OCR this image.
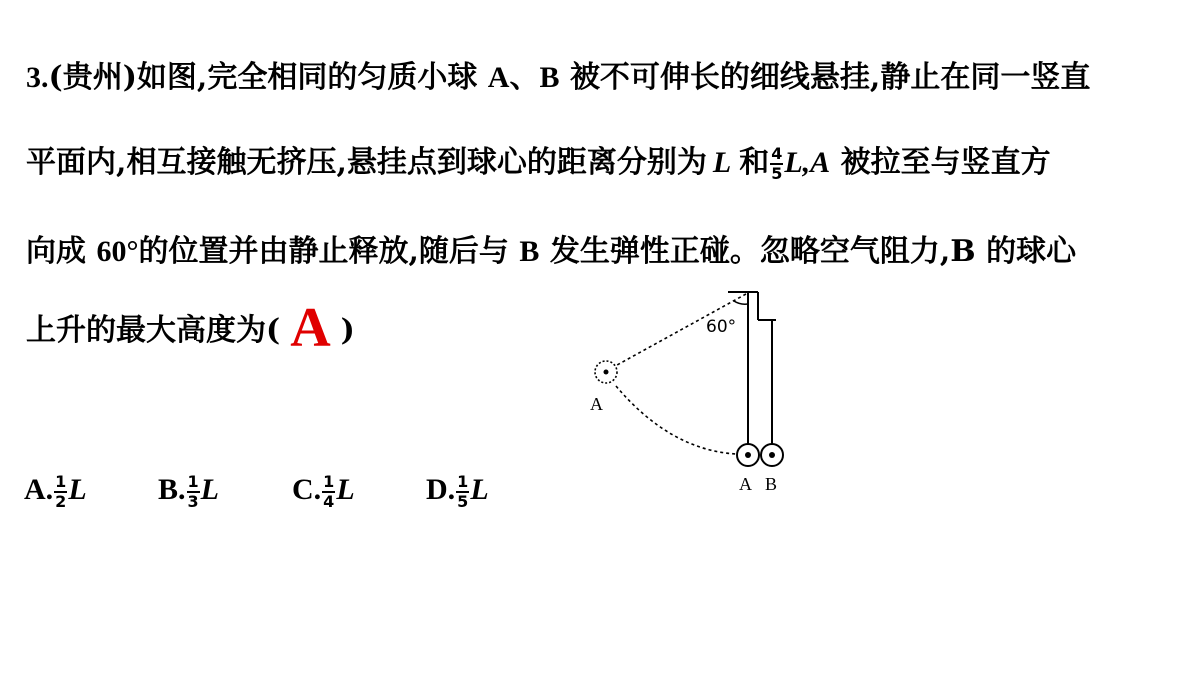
3.(贵州)如图,完全相同的匀质小球 A、B 被不可伸长的细线悬挂,静止在同一竖直
平面内,相互接触无挤压,悬挂点到球心的距离分别为 L 和 $\frac{4}{5} L,A$ 被拉至与竖直方
向成 60°的位置并由静止释放,随后与 B 发生弹性正碰。忽略空气阻力,B 的球心
上升的最大高度为( A )
A. $\frac{1}{2}$ L B. $\frac{1}{3}$ L C. $\frac{1}{4}$ L D. $\frac{1}{5}$ L
60°
A
A B
